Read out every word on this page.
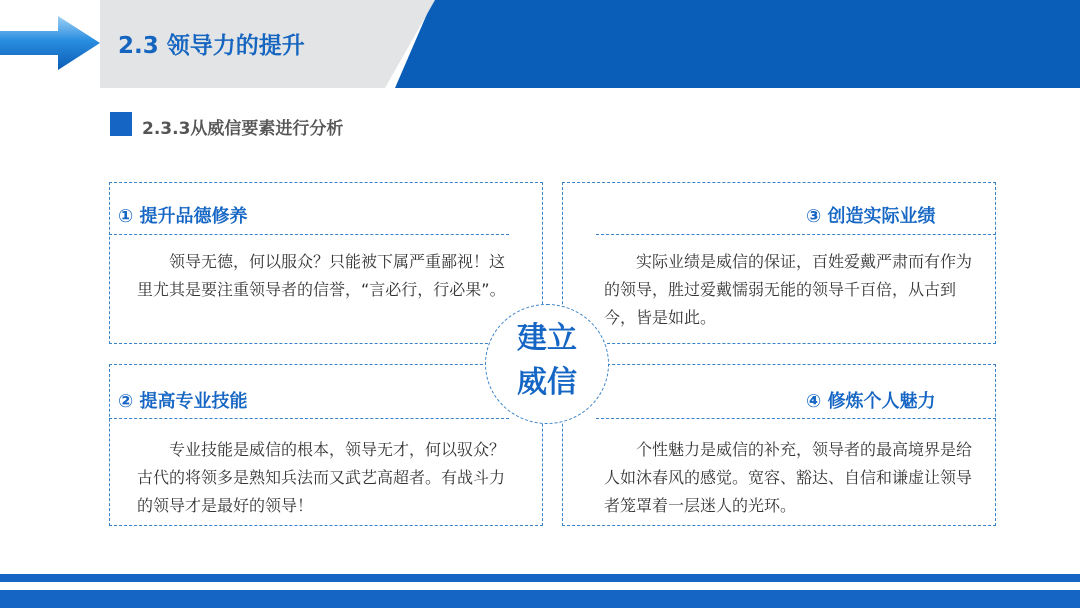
2.3 领导力的提升
2.3.3从威信要素进行分析
① 提升品德修养
领导无德，何以服众？只能被下属严重鄙视！这里尤其是要注重领导者的信誉，“言必行，行必果”。
③ 创造实际业绩
实际业绩是威信的保证，百姓爱戴严肃而有作为的领导，胜过爱戴懦弱无能的领导千百倍，从古到今，皆是如此。
② 提高专业技能
专业技能是威信的根本，领导无才，何以驭众？古代的将领多是熟知兵法而又武艺高超者。有战斗力的领导才是最好的领导！
④ 修炼个人魅力
个性魅力是威信的补充，领导者的最高境界是给人如沐春风的感觉。宽容、豁达、自信和谦虚让领导者笼罩着一层迷人的光环。
建立
威信
